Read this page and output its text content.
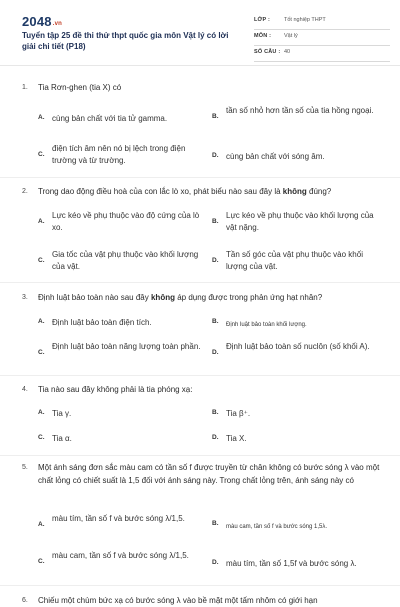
2048.vn
Tuyển tập 25 đề thi thử thpt quốc gia môn Vật lý có lời giải chi tiết (P18)
LỚP :	Tốt nghiệp THPT
MÔN : Vật lý
SỐ CÂU : 40
1. Tia Rơn-ghen (tia X) có
A. cùng bản chất với tia tử gamma.	B.
tần số nhỏ hơn tần số của tia hồng ngoại.
C.
điện tích âm nên nó bị lệch trong điện trường và từ trường.
D. cùng bản chất với sóng âm.
2. Trong dao động điều hoà của con lắc lò xo, phát biểu nào sau đây là không đúng?
A.
Lực kéo về phụ thuộc vào độ cứng của lò xo.
B.
Lực kéo về phụ thuộc vào khối lượng của vật nặng.
C.
Gia tốc của vật phụ thuộc vào khối lượng của vật.
D.
Tần số góc của vật phụ thuộc vào khối lượng của vật.
3. Định luật bảo toàn nào sau đây không áp dụng được trong phản ứng hạt nhân?
A. Định luật bảo toàn điện tích.	B. Định luật bảo toàn khối lượng.
C.
Định luật bảo toàn năng lượng toàn phần.
D.
Định luật bảo toàn số nuclôn (số khối A).
4. Tia nào sau đây không phải là tia phóng xạ:
A. Tia γ.	B. Tia β⁺.
C. Tia α.	D. Tia X.
5. Một ánh sáng đơn sắc màu cam có tần số f được truyền từ chân không có bước sóng λ vào một chất lỏng có chiết suất là 1,5 đối với ánh sáng này. Trong chất lỏng trên, ánh sáng này có
A.
màu tím, tần số f và bước sóng λ/1,5.
B. màu cam, tần số f và bước sóng 1,5λ.
C.
màu cam, tần số f và bước sóng λ/1,5.
D. màu tím, tần số 1,5f và bước sóng λ.
6. Chiếu một chùm bức xạ có bước sóng λ vào bề mặt một tấm nhôm có giới hạn
